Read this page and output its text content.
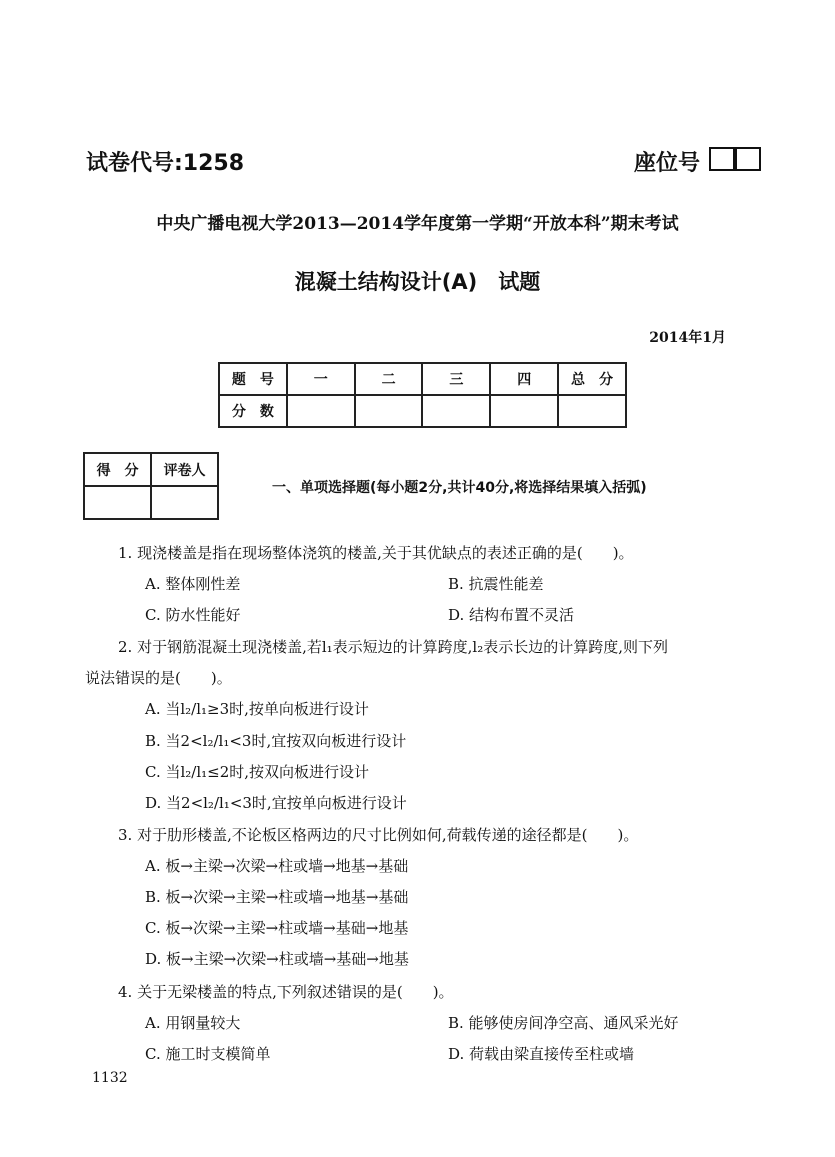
试卷代号:1258	座位号
中央广播电视大学2013—2014学年度第一学期“开放本科”期末考试
混凝土结构设计(A)　试题
2014年1月
题　号	一	二	三	四	总　分
分　数					
得　分	评卷人

一、单项选择题(每小题2分,共计40分,将选择结果填入括弧)
1. 现浇楼盖是指在现场整体浇筑的楼盖,关于其优缺点的表述正确的是(　　)。
A. 整体刚性差	B. 抗震性能差
C. 防水性能好	D. 结构布置不灵活
2. 对于钢筋混凝土现浇楼盖,若l₁表示短边的计算跨度,l₂表示长边的计算跨度,则下列
说法错误的是(　　)。
A. 当l₂/l₁≥3时,按单向板进行设计
B. 当2<l₂/l₁<3时,宜按双向板进行设计
C. 当l₂/l₁≤2时,按双向板进行设计
D. 当2<l₂/l₁<3时,宜按单向板进行设计
3. 对于肋形楼盖,不论板区格两边的尺寸比例如何,荷载传递的途径都是(　　)。
A. 板→主梁→次梁→柱或墙→地基→基础
B. 板→次梁→主梁→柱或墙→地基→基础
C. 板→次梁→主梁→柱或墙→基础→地基
D. 板→主梁→次梁→柱或墙→基础→地基
4. 关于无梁楼盖的特点,下列叙述错误的是(　　)。
A. 用钢量较大	B. 能够使房间净空高、通风采光好
C. 施工时支模简单	D. 荷载由梁直接传至柱或墙
1132
